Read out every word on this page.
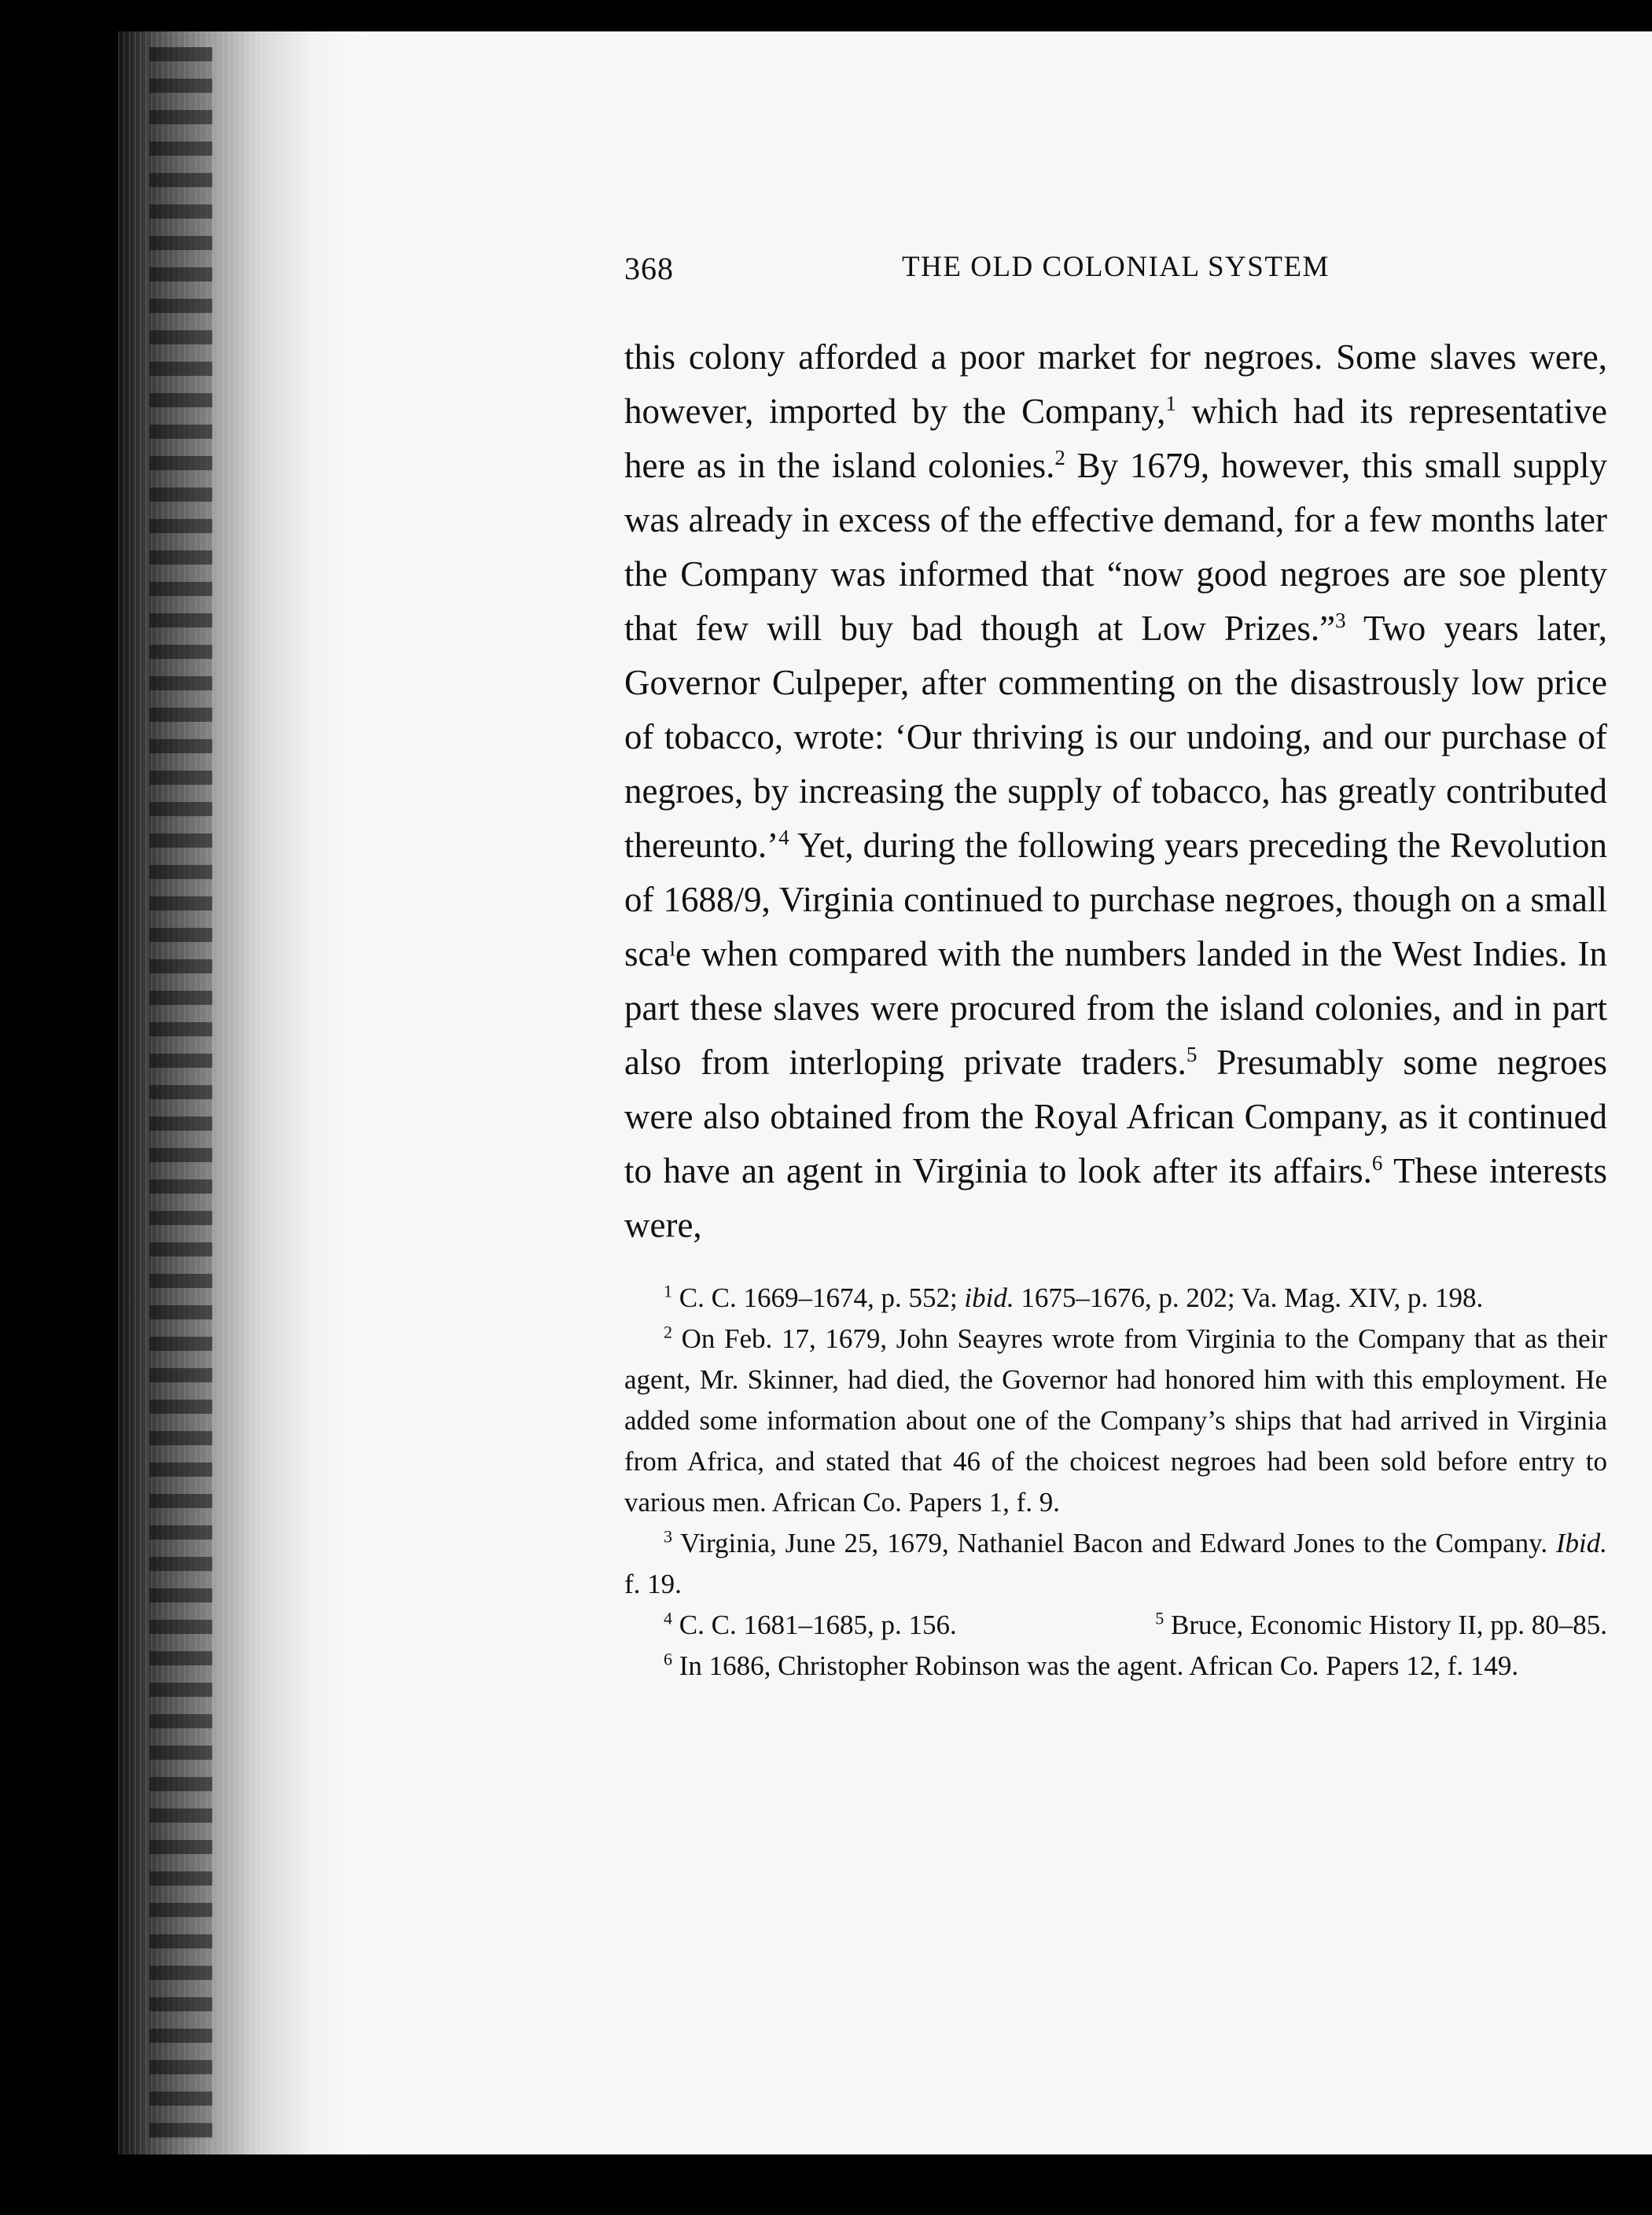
368	THE OLD COLONIAL SYSTEM

this colony afforded a poor market for negroes. Some slaves were, however, imported by the Company,$^1$ which had its representative here as in the island colonies.$^2$ By 1679, however, this small supply was already in excess of the effective demand, for a few months later the Company was informed that “now good negroes are soe plenty that few will buy bad though at Low Prizes.”$^3$ Two years later, Governor Culpeper, after commenting on the disastrously low price of tobacco, wrote: ‘Our thriving is our undoing, and our purchase of negroes, by increasing the supply of tobacco, has greatly contributed thereunto.’$^4$ Yet, during the following years preceding the Revolution of 1688/9, Virginia continued to purchase negroes, though on a small scaˡe when compared with the numbers landed in the West Indies. In part these slaves were procured from the island colonies, and in part also from interloping private traders.$^5$ Presumably some negroes were also obtained from the Royal African Company, as it continued to have an agent in Virginia to look after its affairs.$^6$ These interests were,

$^1$ C. C. 1669–1674, p. 552; ibid. 1675–1676, p. 202; Va. Mag. XIV, p. 198.

$^2$ On Feb. 17, 1679, John Seayres wrote from Virginia to the Company that as their agent, Mr. Skinner, had died, the Governor had honored him with this employment. He added some information about one of the Company’s ships that had arrived in Virginia from Africa, and stated that 46 of the choicest negroes had been sold before entry to various men. African Co. Papers 1, f. 9.

$^3$ Virginia, June 25, 1679, Nathaniel Bacon and Edward Jones to the Company. Ibid. f. 19.

$^4$ C. C. 1681–1685, p. 156.	$^5$ Bruce, Economic History II, pp. 80–85.

$^6$ In 1686, Christopher Robinson was the agent. African Co. Papers 12, f. 149.
